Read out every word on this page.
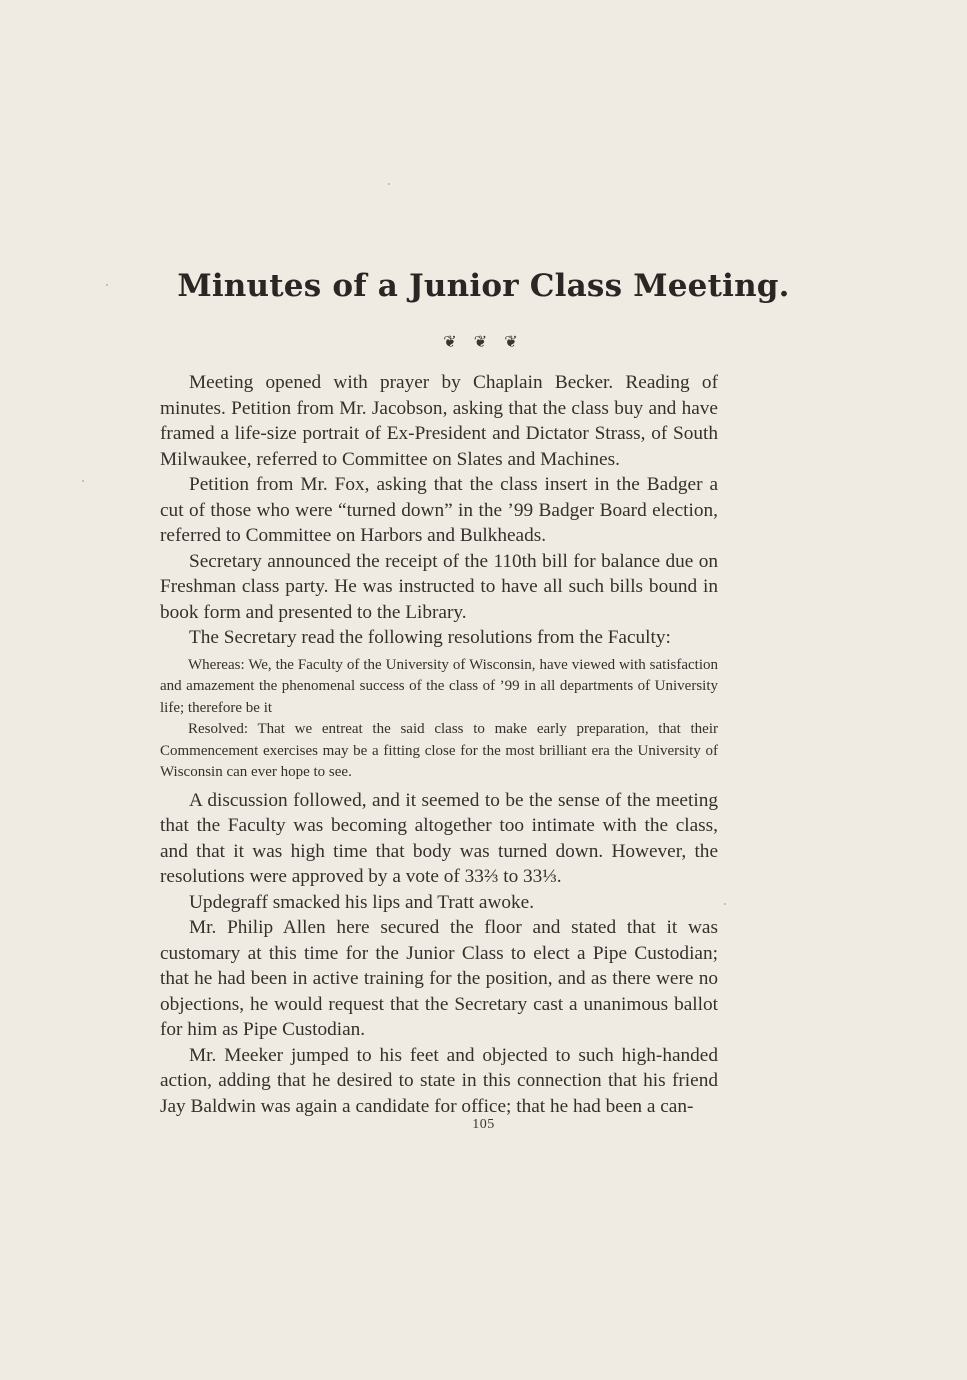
Minutes of a Junior Class Meeting.
❦ ❦ ❦

Meeting opened with prayer by Chaplain Becker. Reading of minutes. Petition from Mr. Jacobson, asking that the class buy and have framed a life-size portrait of Ex-President and Dictator Strass, of South Milwaukee, referred to Committee on Slates and Machines.

Petition from Mr. Fox, asking that the class insert in the Badger a cut of those who were “turned down” in the ’99 Badger Board election, referred to Committee on Harbors and Bulkheads.

Secretary announced the receipt of the 110th bill for balance due on Freshman class party. He was instructed to have all such bills bound in book form and presented to the Library.

The Secretary read the following resolutions from the Faculty:

Whereas: We, the Faculty of the University of Wisconsin, have viewed with satisfaction and amazement the phenomenal success of the class of ’99 in all departments of University life; therefore be it

Resolved: That we entreat the said class to make early preparation, that their Commencement exercises may be a fitting close for the most brilliant era the University of Wisconsin can ever hope to see.

A discussion followed, and it seemed to be the sense of the meeting that the Faculty was becoming altogether too intimate with the class, and that it was high time that body was turned down. However, the resolutions were approved by a vote of 33⅔ to 33⅓.

Updegraff smacked his lips and Tratt awoke.

Mr. Philip Allen here secured the floor and stated that it was customary at this time for the Junior Class to elect a Pipe Custodian; that he had been in active training for the position, and as there were no objections, he would request that the Secretary cast a unanimous ballot for him as Pipe Custodian.

Mr. Meeker jumped to his feet and objected to such high-handed action, adding that he desired to state in this connection that his friend Jay Baldwin was again a candidate for office; that he had been a can-

105
